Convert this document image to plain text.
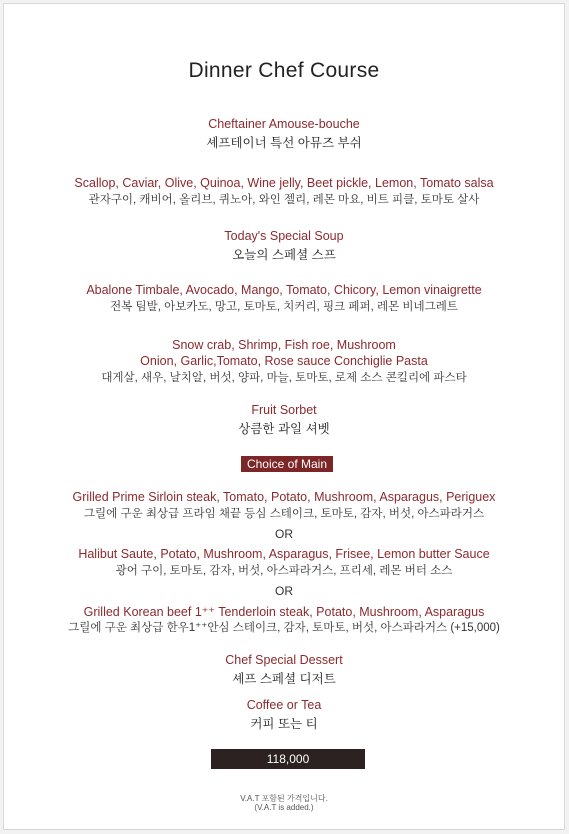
Dinner Chef Course
Cheftainer Amouse-bouche
셰프테이너 특선 아뮤즈 부쉬
Scallop, Caviar, Olive, Quinoa, Wine jelly, Beet pickle, Lemon, Tomato salsa
관자구이, 캐비어, 올리브, 퀴노아, 와인 젤리, 레몬 마요, 비트 피클, 토마토 살사
Today's Special Soup
오늘의 스페셜 스프
Abalone Timbale, Avocado, Mango, Tomato, Chicory, Lemon vinaigrette
전복 팀발, 아보카도, 망고, 토마토, 치커리, 핑크 페퍼, 레몬 비네그레트
Snow crab, Shrimp, Fish roe, Mushroom
Onion, Garlic,Tomato, Rose sauce Conchiglie Pasta
대게살, 새우, 날치알, 버섯, 양파, 마늘, 토마토, 로제 소스 콘킬리에 파스타
Fruit Sorbet
상큼한 과일 셔벳
Choice of Main
Grilled Prime Sirloin steak, Tomato, Potato, Mushroom, Asparagus, Periguex
그릴에 구운 최상급 프라임 채끝 등심 스테이크, 토마토, 감자, 버섯, 아스파라거스
OR
Halibut Saute, Potato, Mushroom, Asparagus, Frisee, Lemon butter Sauce
광어 구이, 토마토, 감자, 버섯, 아스파라거스, 프리세, 레몬 버터 소스
OR
Grilled Korean beef 1⁺⁺ Tenderloin steak, Potato, Mushroom, Asparagus
그릴에 구운 최상급 한우1⁺⁺안심 스테이크, 감자, 토마토, 버섯, 아스파라거스 (+15,000)
Chef Special Dessert
셰프 스페셜 디저트
Coffee or Tea
커피 또는 티
118,000
V.A.T 포함된 가격입니다.
(V.A.T is added.)
